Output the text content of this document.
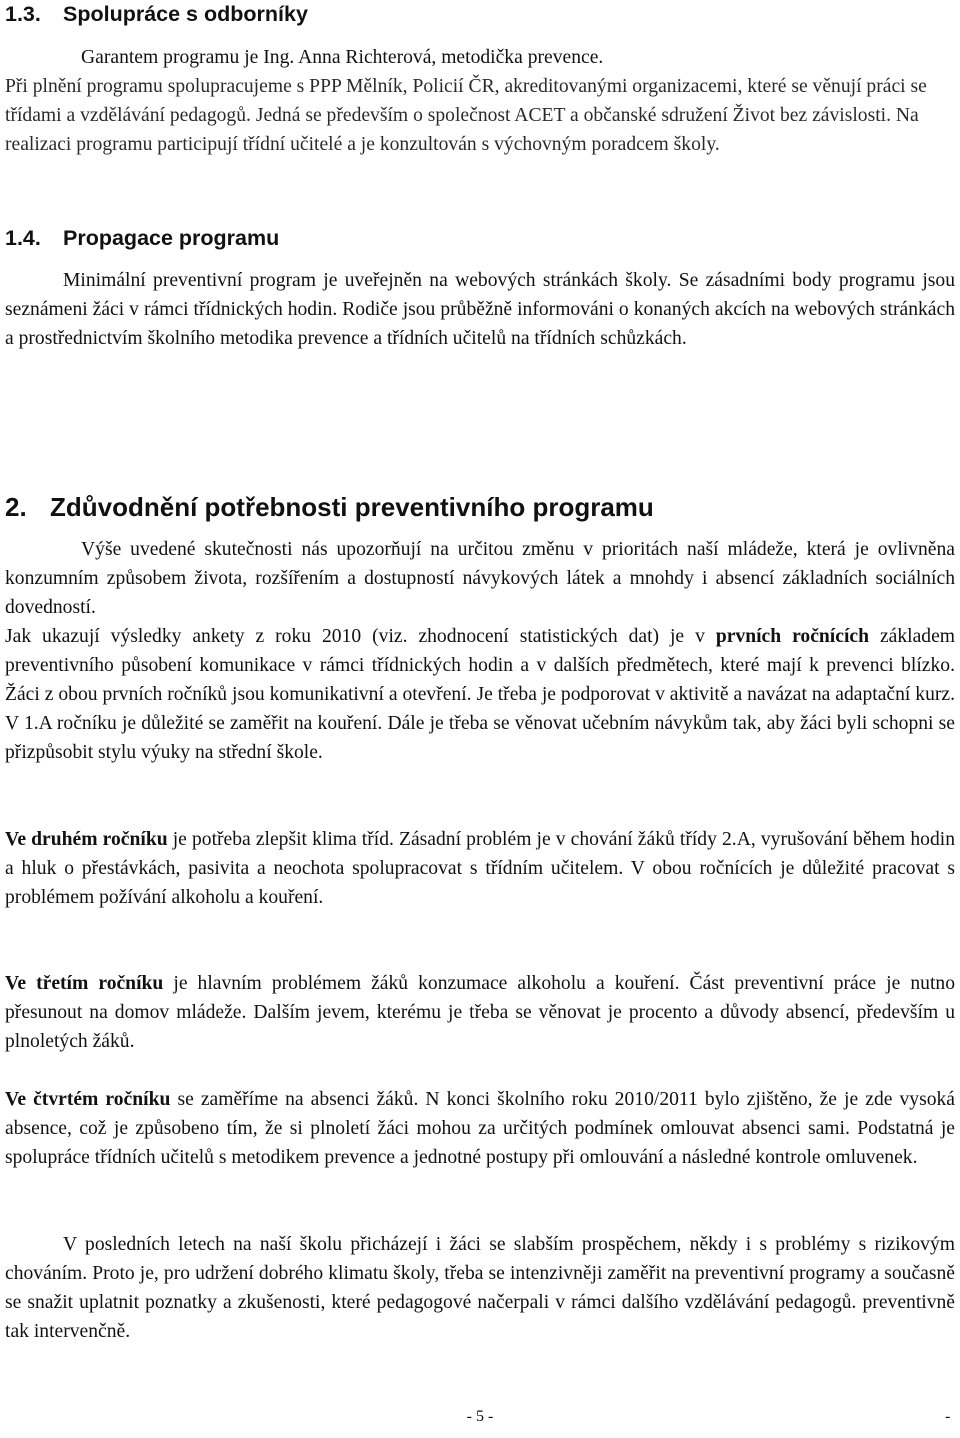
1.3. Spolupráce s odborníky

Garantem programu je Ing. Anna Richterová, metodička prevence.

Při plnění programu spolupracujeme s PPP Mělník, Policií ČR, akreditovanými organizacemi, které se věnují práci se třídami a vzdělávání pedagogů. Jedná se především o společnost ACET a občanské sdružení Život bez závislosti. Na realizaci programu participují třídní učitelé a je konzultován s výchovným poradcem školy.

1.4. Propagace programu

Minimální preventivní program je uveřejněn na webových stránkách školy. Se zásadními body programu jsou seznámeni žáci v rámci třídnických hodin. Rodiče jsou průběžně informováni o konaných akcích na webových stránkách a prostřednictvím školního metodika prevence a třídních učitelů na třídních schůzkách.

2. Zdůvodnění potřebnosti preventivního programu

Výše uvedené skutečnosti nás upozorňují na určitou změnu v prioritách naší mládeže, která je ovlivněna konzumním způsobem života, rozšířením a dostupností návykových látek a mnohdy i absencí základních sociálních dovedností.

Jak ukazují výsledky ankety z roku 2010 (viz. zhodnocení statistických dat) je v prvních ročnících základem preventivního působení komunikace v rámci třídnických hodin a v dalších předmětech, které mají k prevenci blízko. Žáci z obou prvních ročníků jsou komunikativní a otevření. Je třeba je podporovat v aktivitě a navázat na adaptační kurz. V 1.A ročníku je důležité se zaměřit na kouření. Dále je třeba se věnovat učebním návykům tak, aby žáci byli schopni se přizpůsobit stylu výuky na střední škole.

Ve druhém ročníku je potřeba zlepšit klima tříd. Zásadní problém je v chování žáků třídy 2.A, vyrušování během hodin a hluk o přestávkách, pasivita a neochota spolupracovat s třídním učitelem. V obou ročnících je důležité pracovat s problémem požívání alkoholu a kouření.

Ve třetím ročníku je hlavním problémem žáků konzumace alkoholu a kouření. Část preventivní práce je nutno přesunout na domov mládeže. Dalším jevem, kterému je třeba se věnovat je procento a důvody absencí, především u plnoletých žáků.

Ve čtvrtém ročníku se zaměříme na absenci žáků. N konci školního roku 2010/2011 bylo zjištěno, že je zde vysoká absence, což je způsobeno tím, že si plnoletí žáci mohou za určitých podmínek omlouvat absenci sami. Podstatná je spolupráce třídních učitelů s metodikem prevence a jednotné postupy při omlouvání a následné kontrole omluvenek.

V posledních letech na naší školu přicházejí i žáci se slabším prospěchem, někdy i s problémy s rizikovým chováním. Proto je, pro udržení dobrého klimatu školy, třeba se intenzivněji zaměřit na preventivní programy a současně se snažit uplatnit poznatky a zkušenosti, které pedagogové načerpali v rámci dalšího vzdělávání pedagogů. preventivně tak intervenčně.

- 5 -	-
